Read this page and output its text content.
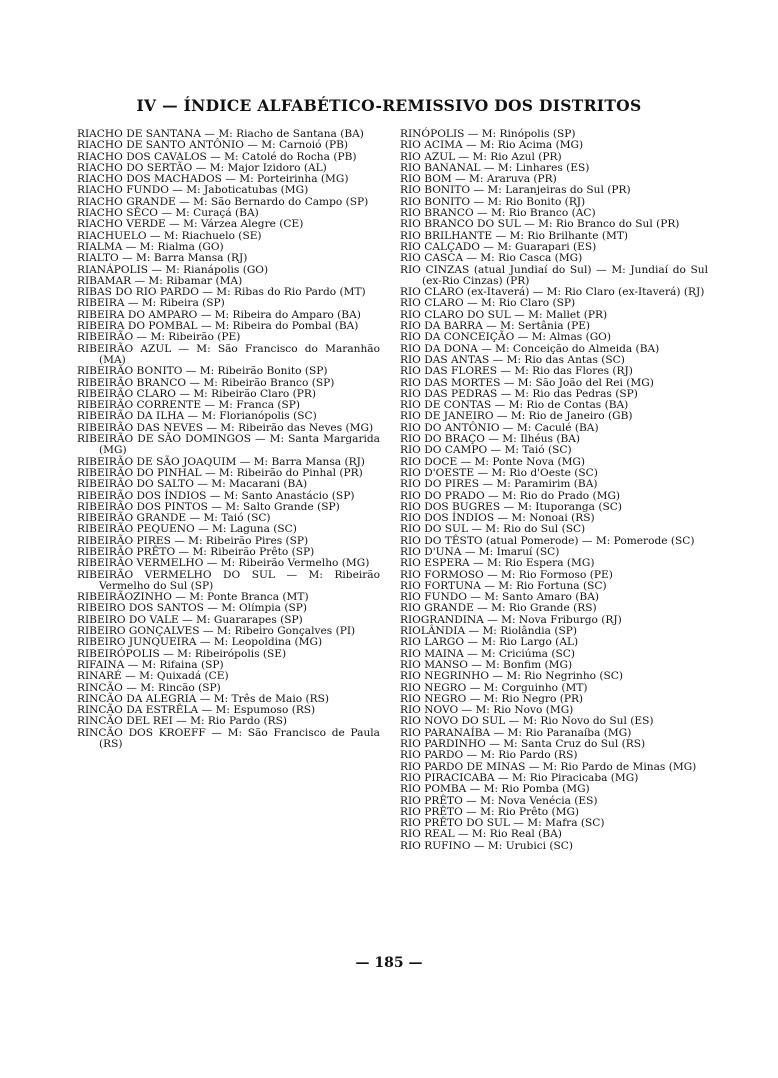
IV — ÍNDICE ALFABÉTICO-REMISSIVO DOS DISTRITOS
RIACHO DE SANTANA — M: Riacho de Santana (BA)
RIACHO DE SANTO ANTÔNIO — M: Carnoió (PB)
RIACHO DOS CAVALOS — M: Catolé do Rocha (PB)
RIACHO DO SERTÃO — M: Major Izidoro (AL)
RIACHO DOS MACHADOS — M: Porteirinha (MG)
RIACHO FUNDO — M: Jaboticatubas (MG)
RIACHO GRANDE — M: São Bernardo do Campo (SP)
RIACHO SÊCO — M: Curaçá (BA)
RIACHO VERDE — M: Várzea Alegre (CE)
RIACHUELO — M: Riachuelo (SE)
RIALMA — M: Rialma (GO)
RIALTO — M: Barra Mansa (RJ)
RIANÁPOLIS — M: Rianápolis (GO)
RIBAMAR — M: Ribamar (MA)
RIBAS DO RIO PARDO — M: Ribas do Rio Pardo (MT)
RIBEIRA — M: Ribeira (SP)
RIBEIRA DO AMPARO — M: Ribeira do Amparo (BA)
RIBEIRA DO POMBAL — M: Ribeira do Pombal (BA)
RIBEIRÃO — M: Ribeirão (PE)
RIBEIRÃO AZUL — M: São Francisco do Maranhão (MA)
RIBEIRÃO BONITO — M: Ribeirão Bonito (SP)
RIBEIRÃO BRANCO — M: Ribeirão Branco (SP)
RIBEIRÃO CLARO — M: Ribeirão Claro (PR)
RIBEIRÃO CORRENTE — M: Franca (SP)
RIBEIRÃO DA ILHA — M: Florianópolis (SC)
RIBEIRÃO DAS NEVES — M: Ribeirão das Neves (MG)
RIBEIRÃO DE SÃO DOMINGOS — M: Santa Margarida (MG)
RIBEIRÃO DE SÃO JOAQUIM — M: Barra Mansa (RJ)
RIBEIRÃO DO PINHAL — M: Ribeirão do Pinhal (PR)
RIBEIRÃO DO SALTO — M: Macarani (BA)
RIBEIRÃO DOS ÍNDIOS — M: Santo Anastácio (SP)
RIBEIRÃO DOS PINTOS — M: Salto Grande (SP)
RIBEIRÃO GRANDE — M: Taió (SC)
RIBEIRÃO PEQUENO — M: Laguna (SC)
RIBEIRÃO PIRES — M: Ribeirão Pires (SP)
RIBEIRÃO PRÊTO — M: Ribeirão Prêto (SP)
RIBEIRÃO VERMELHO — M: Ribeirão Vermelho (MG)
RIBEIRÃO VERMELHO DO SUL — M: Ribeirão Vermelho do Sul (SP)
RIBEIRÃOZINHO — M: Ponte Branca (MT)
RIBEIRO DOS SANTOS — M: Olímpia (SP)
RIBEIRO DO VALE — M: Guararapes (SP)
RIBEIRO GONÇALVES — M: Ribeiro Gonçalves (PI)
RIBEIRO JUNQUEIRA — M: Leopoldina (MG)
RIBEIRÓPOLIS — M: Ribeirópolis (SE)
RIFAINA — M: Rifaina (SP)
RINARÉ — M: Quixadá (CE)
RINCÃO — M: Rincão (SP)
RINCÃO DA ALEGRIA — M: Três de Maio (RS)
RINCÃO DA ESTRÊLA — M: Espumoso (RS)
RINCÃO DEL REI — M: Rio Pardo (RS)
RINCÃO DOS KROEFF — M: São Francisco de Paula (RS)
RINÓPOLIS — M: Rinópolis (SP)
RIO ACIMA — M: Rio Acima (MG)
RIO AZUL — M: Rio Azul (PR)
RIO BANANAL — M: Linhares (ES)
RIO BOM — M: Araruva (PR)
RIO BONITO — M: Laranjeiras do Sul (PR)
RIO BONITO — M: Rio Bonito (RJ)
RIO BRANCO — M: Rio Branco (AC)
RIO BRANCO DO SUL — M: Rio Branco do Sul (PR)
RIO BRILHANTE — M: Rio Brilhante (MT)
RIO CALÇADO — M: Guarapari (ES)
RIO CASCA — M: Rio Casca (MG)
RIO CINZAS (atual Jundiaí do Sul) — M: Jundiaí do Sul (ex-Rio Cinzas) (PR)
RIO CLARO (ex-Itaverá) — M: Rio Claro (ex-Itaverá) (RJ)
RIO CLARO — M: Rio Claro (SP)
RIO CLARO DO SUL — M: Mallet (PR)
RIO DA BARRA — M: Sertânia (PE)
RIO DA CONCEIÇÃO — M: Almas (GO)
RIO DA DONA — M: Conceição do Almeida (BA)
RIO DAS ANTAS — M: Rio das Antas (SC)
RIO DAS FLORES — M: Rio das Flores (RJ)
RIO DAS MORTES — M: São João del Rei (MG)
RIO DAS PEDRAS — M: Rio das Pedras (SP)
RIO DE CONTAS — M: Rio de Contas (BA)
RIO DE JANEIRO — M: Rio de Janeiro (GB)
RIO DO ANTÔNIO — M: Caculé (BA)
RIO DO BRAÇO — M: Ilhéus (BA)
RIO DO CAMPO — M: Taió (SC)
RIO DOCE — M: Ponte Nova (MG)
RIO D'OESTE — M: Rio d'Oeste (SC)
RIO DO PIRES — M: Paramirim (BA)
RIO DO PRADO — M: Rio do Prado (MG)
RIO DOS BUGRES — M: Ituporanga (SC)
RIO DOS ÍNDIOS — M: Nonoai (RS)
RIO DO SUL — M: Rio do Sul (SC)
RIO DO TÊSTO (atual Pomerode) — M: Pomerode (SC)
RIO D'UNA — M: Imaruí (SC)
RIO ESPERA — M: Rio Espera (MG)
RIO FORMOSO — M: Rio Formoso (PE)
RIO FORTUNA — M: Rio Fortuna (SC)
RIO FUNDO — M: Santo Amaro (BA)
RIO GRANDE — M: Rio Grande (RS)
RIOGRANDINA — M: Nova Friburgo (RJ)
RIOLÂNDIA — M: Riolândia (SP)
RIO LARGO — M: Rio Largo (AL)
RIO MAINA — M: Criciúma (SC)
RIO MANSO — M: Bonfim (MG)
RIO NEGRINHO — M: Rio Negrinho (SC)
RIO NEGRO — M: Corguinho (MT)
RIO NEGRO — M: Rio Negro (PR)
RIO NOVO — M: Rio Novo (MG)
RIO NOVO DO SUL — M: Rio Novo do Sul (ES)
RIO PARANAÍBA — M: Rio Paranaíba (MG)
RIO PARDINHO — M: Santa Cruz do Sul (RS)
RIO PARDO — M: Rio Pardo (RS)
RIO PARDO DE MINAS — M: Rio Pardo de Minas (MG)
RIO PIRACICABA — M: Rio Piracicaba (MG)
RIO POMBA — M: Rio Pomba (MG)
RIO PRÊTO — M: Nova Venécia (ES)
RIO PRÊTO — M: Rio Prêto (MG)
RIO PRÊTO DO SUL — M: Mafra (SC)
RIO REAL — M: Rio Real (BA)
RIO RUFINO — M: Urubici (SC)
— 185 —
